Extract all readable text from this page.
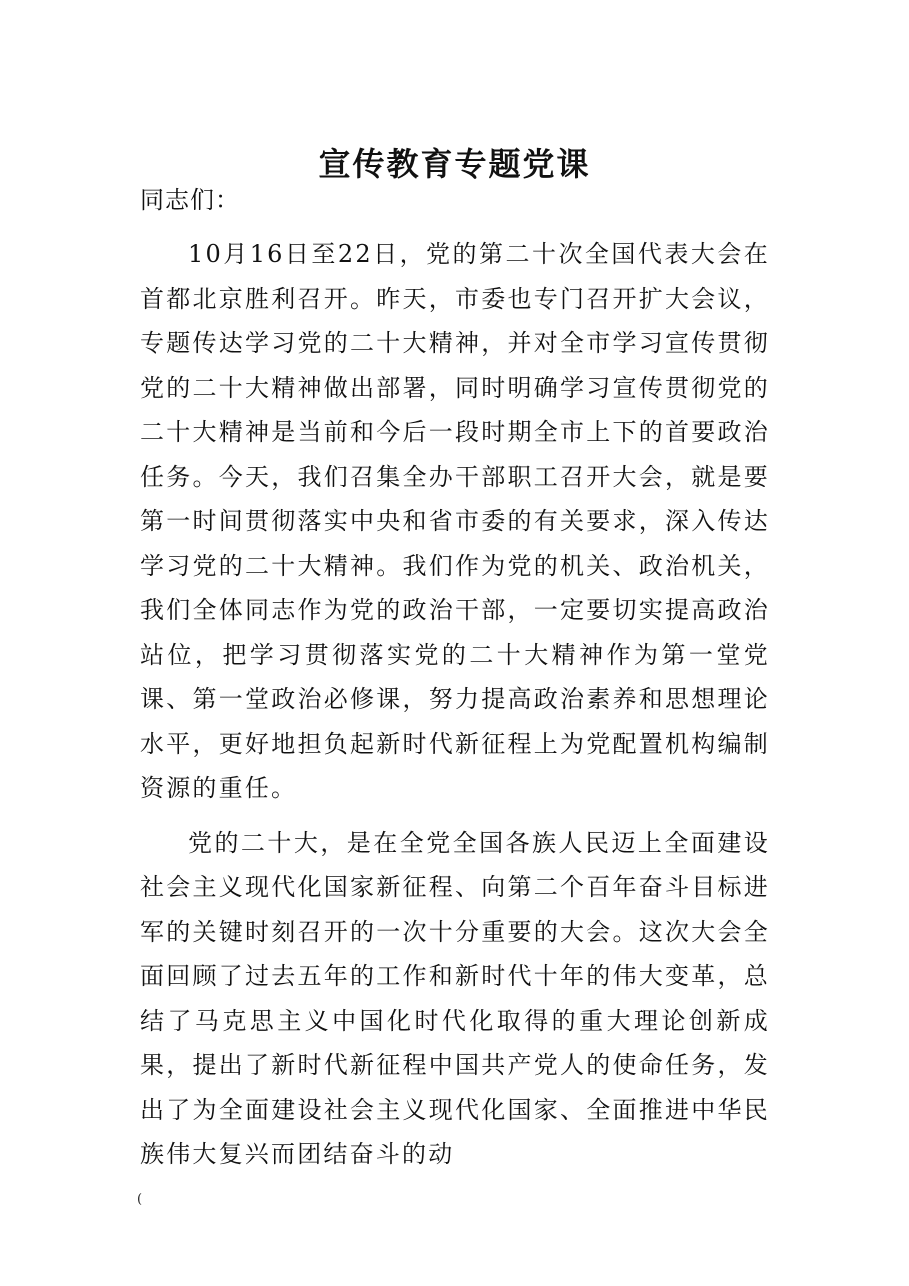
宣传教育专题党课

同志们：

10月16日至22日，党的第二十次全国代表大会在首都北京胜利召开。昨天，市委也专门召开扩大会议，专题传达学习党的二十大精神，并对全市学习宣传贯彻党的二十大精神做出部署，同时明确学习宣传贯彻党的二十大精神是当前和今后一段时期全市上下的首要政治任务。今天，我们召集全办干部职工召开大会，就是要第一时间贯彻落实中央和省市委的有关要求，深入传达学习党的二十大精神。我们作为党的机关、政治机关，我们全体同志作为党的政治干部，一定要切实提高政治站位，把学习贯彻落实党的二十大精神作为第一堂党课、第一堂政治必修课，努力提高政治素养和思想理论水平，更好地担负起新时代新征程上为党配置机构编制资源的重任。

党的二十大，是在全党全国各族人民迈上全面建设社会主义现代化国家新征程、向第二个百年奋斗目标进军的关键时刻召开的一次十分重要的大会。这次大会全面回顾了过去五年的工作和新时代十年的伟大变革，总结了马克思主义中国化时代化取得的重大理论创新成果，提出了新时代新征程中国共产党人的使命任务，发出了为全面建设社会主义现代化国家、全面推进中华民族伟大复兴而团结奋斗的动

(
